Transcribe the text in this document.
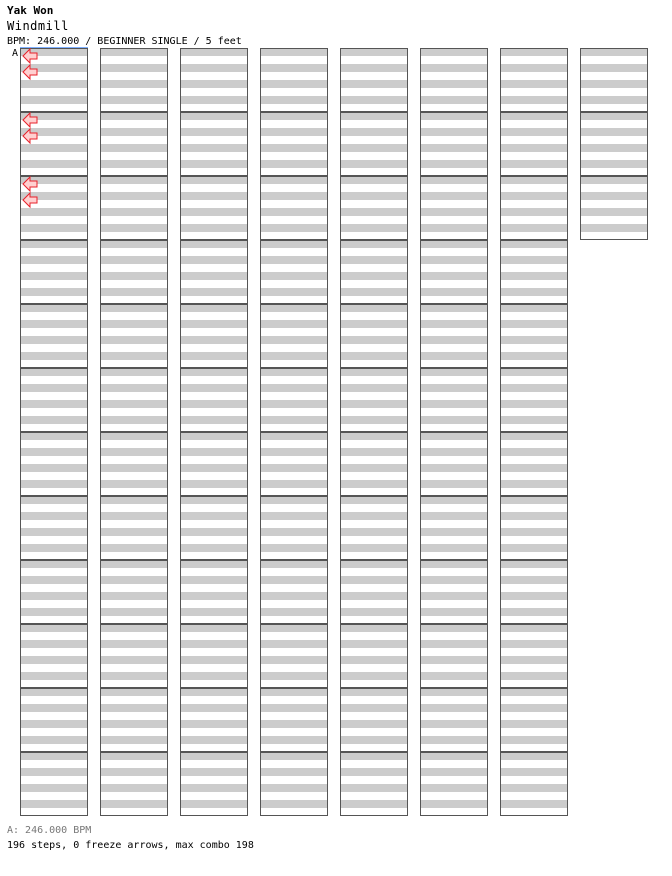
Yak Won
Windmill
BPM: 246.000 / BEGINNER SINGLE / 5 feet
A
A: 246.000 BPM
196 steps, 0 freeze arrows, max combo 198
